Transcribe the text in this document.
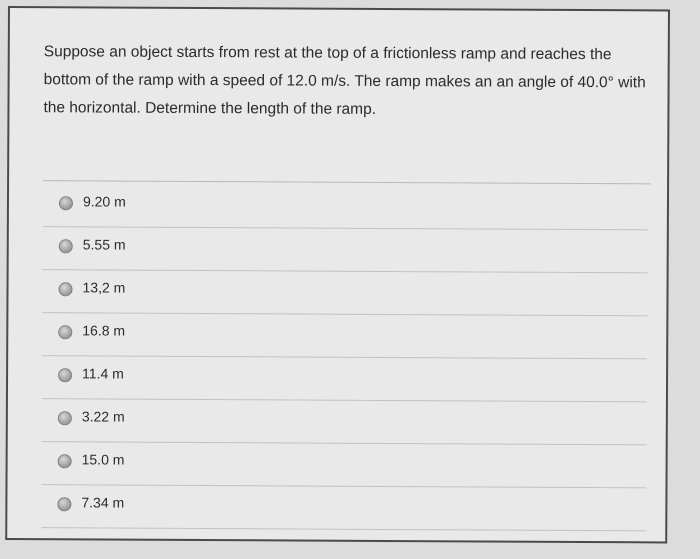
Suppose an object starts from rest at the top of a frictionless ramp and reaches the bottom of the ramp with a speed of 12.0 m/s. The ramp makes an an angle of 40.0° with the horizontal. Determine the length of the ramp.
9.20 m
5.55 m
13,2 m
16.8 m
11.4 m
3.22 m
15.0 m
7.34 m
